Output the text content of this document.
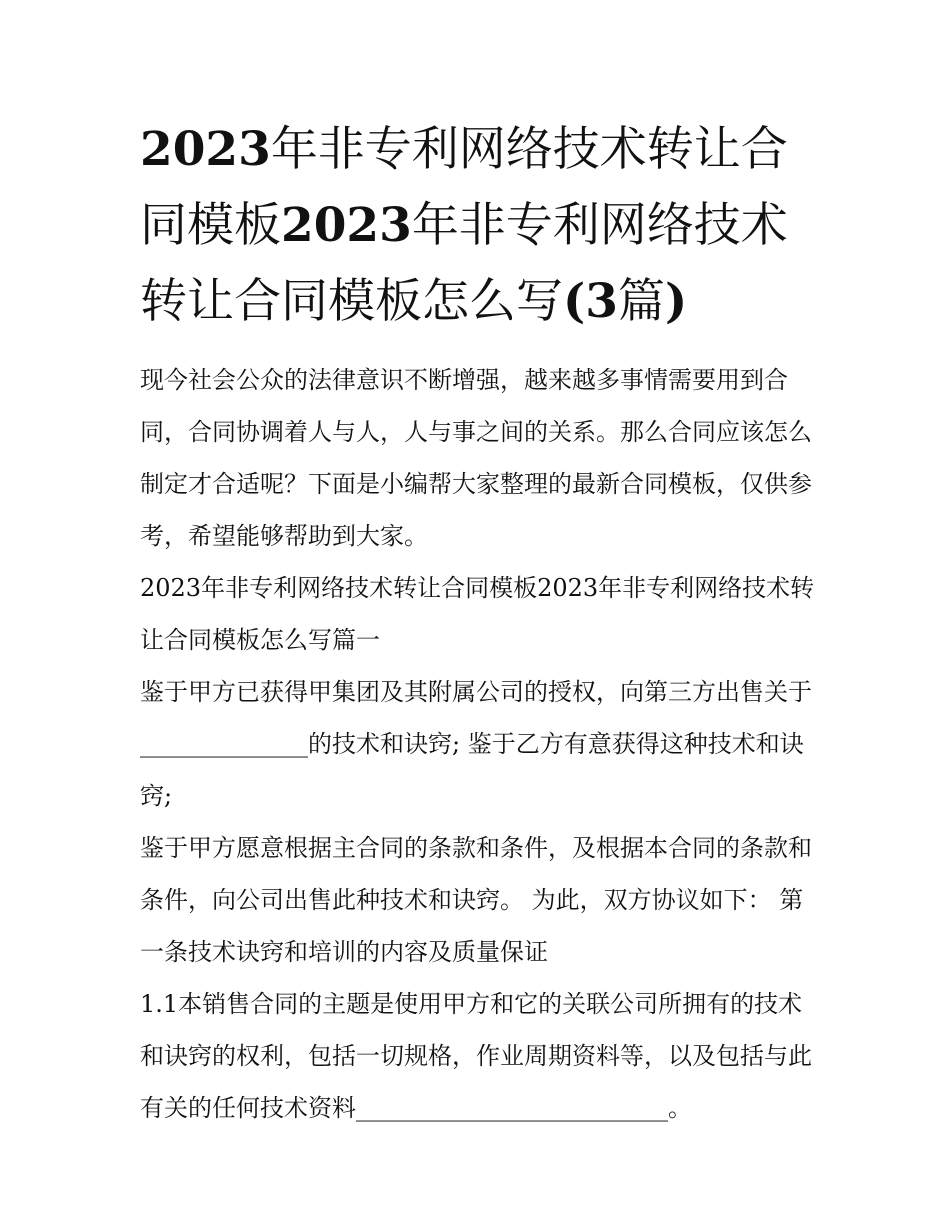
2023年非专利网络技术转让合同模板2023年非专利网络技术转让合同模板怎么写(3篇)

现今社会公众的法律意识不断增强，越来越多事情需要用到合同，合同协调着人与人，人与事之间的关系。那么合同应该怎么制定才合适呢？下面是小编帮大家整理的最新合同模板，仅供参考，希望能够帮助到大家。

2023年非专利网络技术转让合同模板2023年非专利网络技术转让合同模板怎么写篇一

鉴于甲方已获得甲集团及其附属公司的授权，向第三方出售关于______________的技术和诀窍; 鉴于乙方有意获得这种技术和诀窍;

鉴于甲方愿意根据主合同的条款和条件，及根据本合同的条款和条件，向公司出售此种技术和诀窍。 为此，双方协议如下： 第一条技术诀窍和培训的内容及质量保证

1.1本销售合同的主题是使用甲方和它的关联公司所拥有的技术和诀窍的权利，包括一切规格，作业周期资料等，以及包括与此有关的任何技术资料__________________________。
